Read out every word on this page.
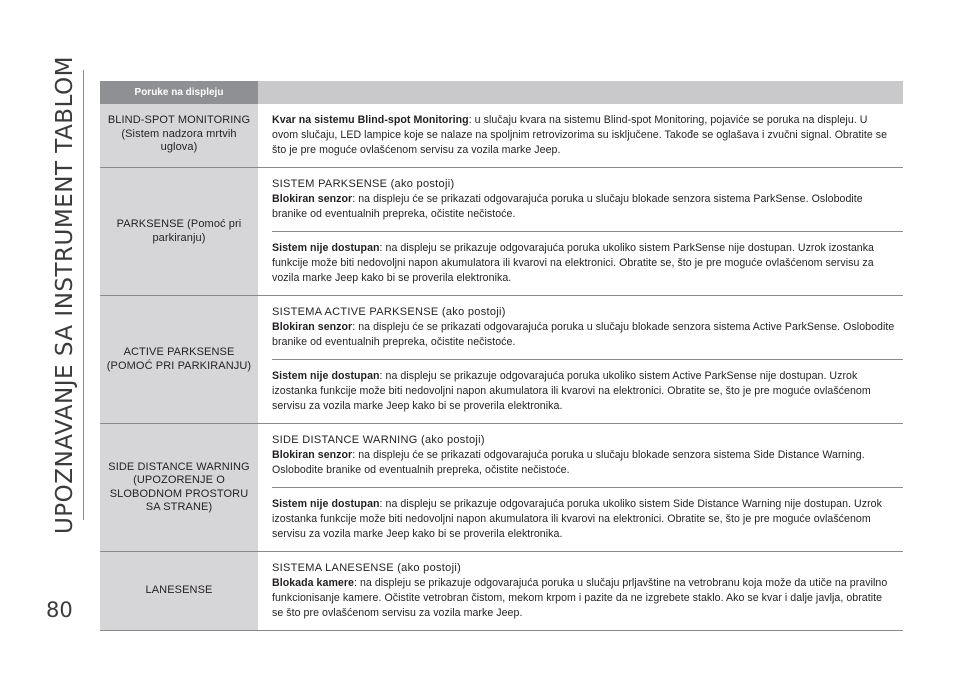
UPOZNAVANJE SA INSTRUMENT TABLOM
80
Poruke na displeju
BLIND-SPOT MONITORING (Sistem nadzora mrtvih uglova)
Kvar na sistemu Blind-spot Monitoring: u slučaju kvara na sistemu Blind-spot Monitoring, pojaviće se poruka na displeju. U ovom slučaju, LED lampice koje se nalaze na spoljnim retrovizorima su isključene. Takođe se oglašava i zvučni signal. Obratite se što je pre moguće ovlašćenom servisu za vozila marke Jeep.
PARKSENSE (Pomoć pri parkiranju)
SISTEM PARKSENSE (ako postoji)
Blokiran senzor: na displeju će se prikazati odgovarajuća poruka u slučaju blokade senzora sistema ParkSense. Oslobodite branike od eventualnih prepreka, očistite nečistoće.
Sistem nije dostupan: na displeju se prikazuje odgovarajuća poruka ukoliko sistem ParkSense nije dostupan. Uzrok izostanka funkcije može biti nedovoljni napon akumulatora ili kvarovi na elektronici. Obratite se, što je pre moguće ovlašćenom servisu za vozila marke Jeep kako bi se proverila elektronika.
ACTIVE PARKSENSE (POMOĆ PRI PARKIRANJU)
SISTEMA ACTIVE PARKSENSE (ako postoji)
Blokiran senzor: na displeju će se prikazati odgovarajuća poruka u slučaju blokade senzora sistema Active ParkSense. Oslobodite branike od eventualnih prepreka, očistite nečistoće.
Sistem nije dostupan: na displeju se prikazuje odgovarajuća poruka ukoliko sistem Active ParkSense nije dostupan. Uzrok izostanka funkcije može biti nedovoljni napon akumulatora ili kvarovi na elektronici. Obratite se, što je pre moguće ovlašćenom servisu za vozila marke Jeep kako bi se proverila elektronika.
SIDE DISTANCE WARNING (UPOZORENJE O SLOBODNOM PROSTORU SA STRANE)
SIDE DISTANCE WARNING (ako postoji)
Blokiran senzor: na displeju će se prikazati odgovarajuća poruka u slučaju blokade senzora sistema Side Distance Warning. Oslobodite branike od eventualnih prepreka, očistite nečistoće.
Sistem nije dostupan: na displeju se prikazuje odgovarajuća poruka ukoliko sistem Side Distance Warning nije dostupan. Uzrok izostanka funkcije može biti nedovoljni napon akumulatora ili kvarovi na elektronici. Obratite se, što je pre moguće ovlašćenom servisu za vozila marke Jeep kako bi se proverila elektronika.
LANESENSE
SISTEMA LANESENSE (ako postoji)
Blokada kamere: na displeju se prikazuje odgovarajuća poruka u slučaju prljavštine na vetrobranu koja može da utiče na pravilno funkcionisanje kamere. Očistite vetrobran čistom, mekom krpom i pazite da ne izgrebete staklo. Ako se kvar i dalje javlja, obratite se što pre ovlašćenom servisu za vozila marke Jeep.
